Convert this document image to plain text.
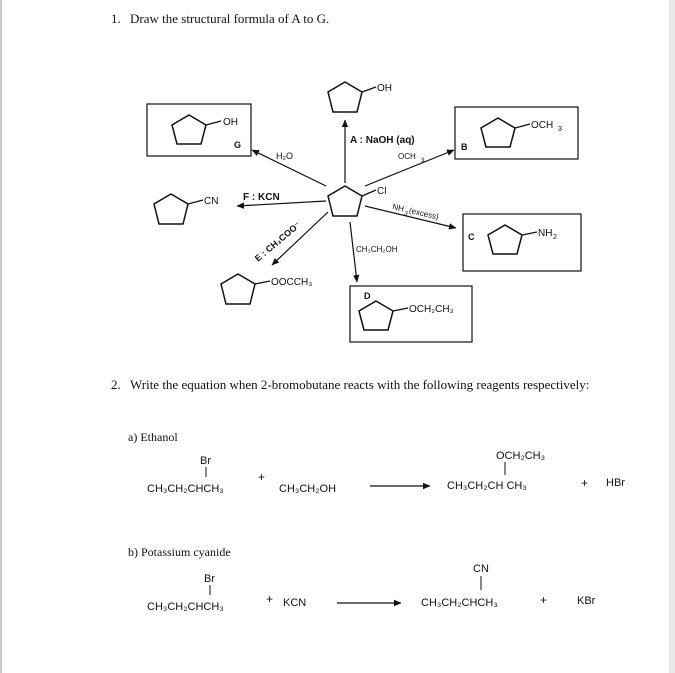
1. Draw the structural formula of A to G.
Cl
OH
A : NaOH (aq)
OCH 3
B
OCH 3
NH
3 (excess)
C	NH 2
CH₃CH₂OH
D
OCH₂CH₃
E : CH₃COO⁻
OOCCH₃
F : KCN
CN
H₂O
OH
G
2. Write the equation when 2-bromobutane reacts with the following reagents respectively:
a) Ethanol
Br
CH₃CH₂CHCH₃
+
CH₃CH₂OH
OCH₂CH₃
CH₃CH₂CH CH₃	+ HBr
b) Potassium cyanide
Br
CH₃CH₂CHCH₃
+ KCN
CN
CH₃CH₂CHCH₃	+	KBr
